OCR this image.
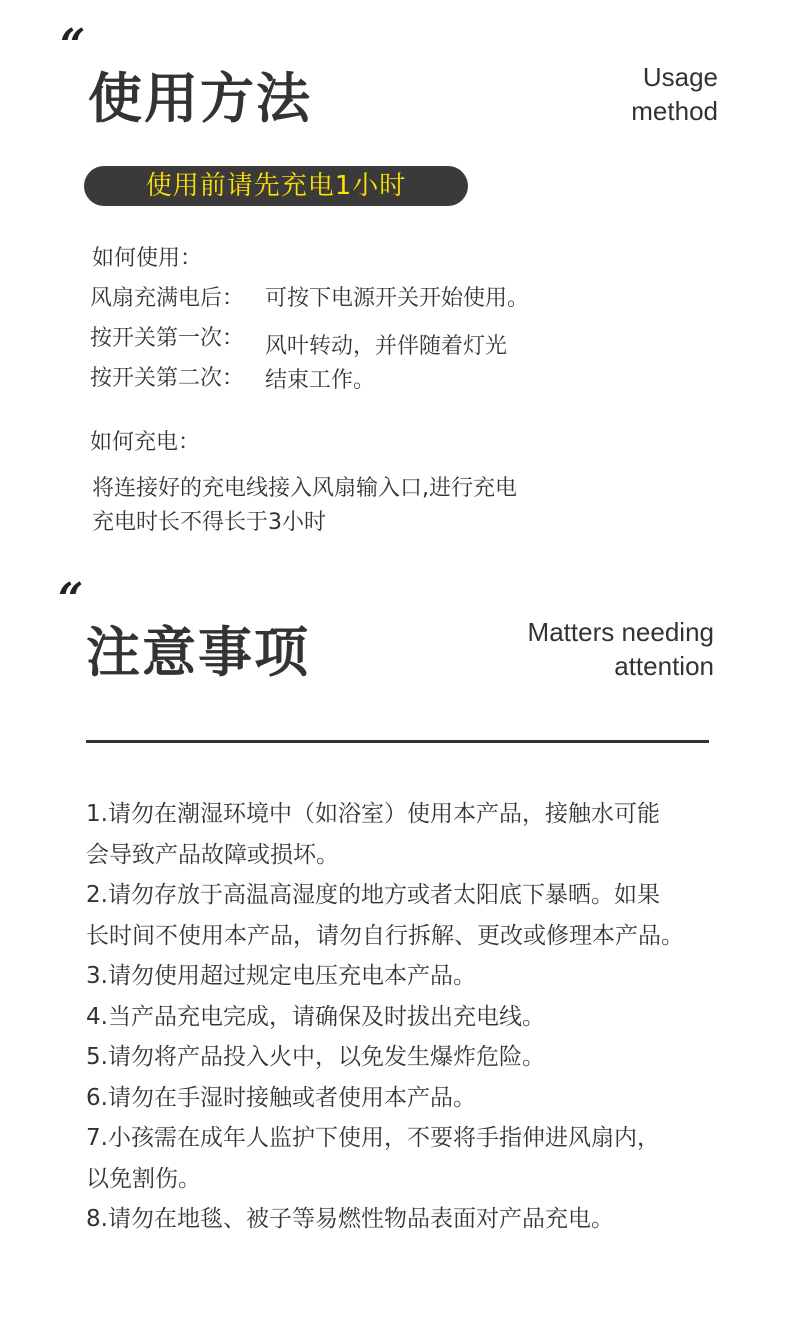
“
使用方法	Usage
method
使用前请先充电1小时
如何使用：
风扇充满电后： 可按下电源开关开始使用。
按开关第一次： 风叶转动，并伴随着灯光
按开关第二次： 结束工作。
如何充电：
将连接好的充电线接入风扇输入口,进行充电
充电时长不得长于3小时
“
注意事项	Matters needing
attention
1.请勿在潮湿环境中（如浴室）使用本产品，接触水可能
会导致产品故障或损坏。
2.请勿存放于高温高湿度的地方或者太阳底下暴晒。如果
长时间不使用本产品，请勿自行拆解、更改或修理本产品。
3.请勿使用超过规定电压充电本产品。
4.当产品充电完成，请确保及时拔出充电线。
5.请勿将产品投入火中，以免发生爆炸危险。
6.请勿在手湿时接触或者使用本产品。
7.小孩需在成年人监护下使用，不要将手指伸进风扇内，
以免割伤。
8.请勿在地毯、被子等易燃性物品表面对产品充电。
